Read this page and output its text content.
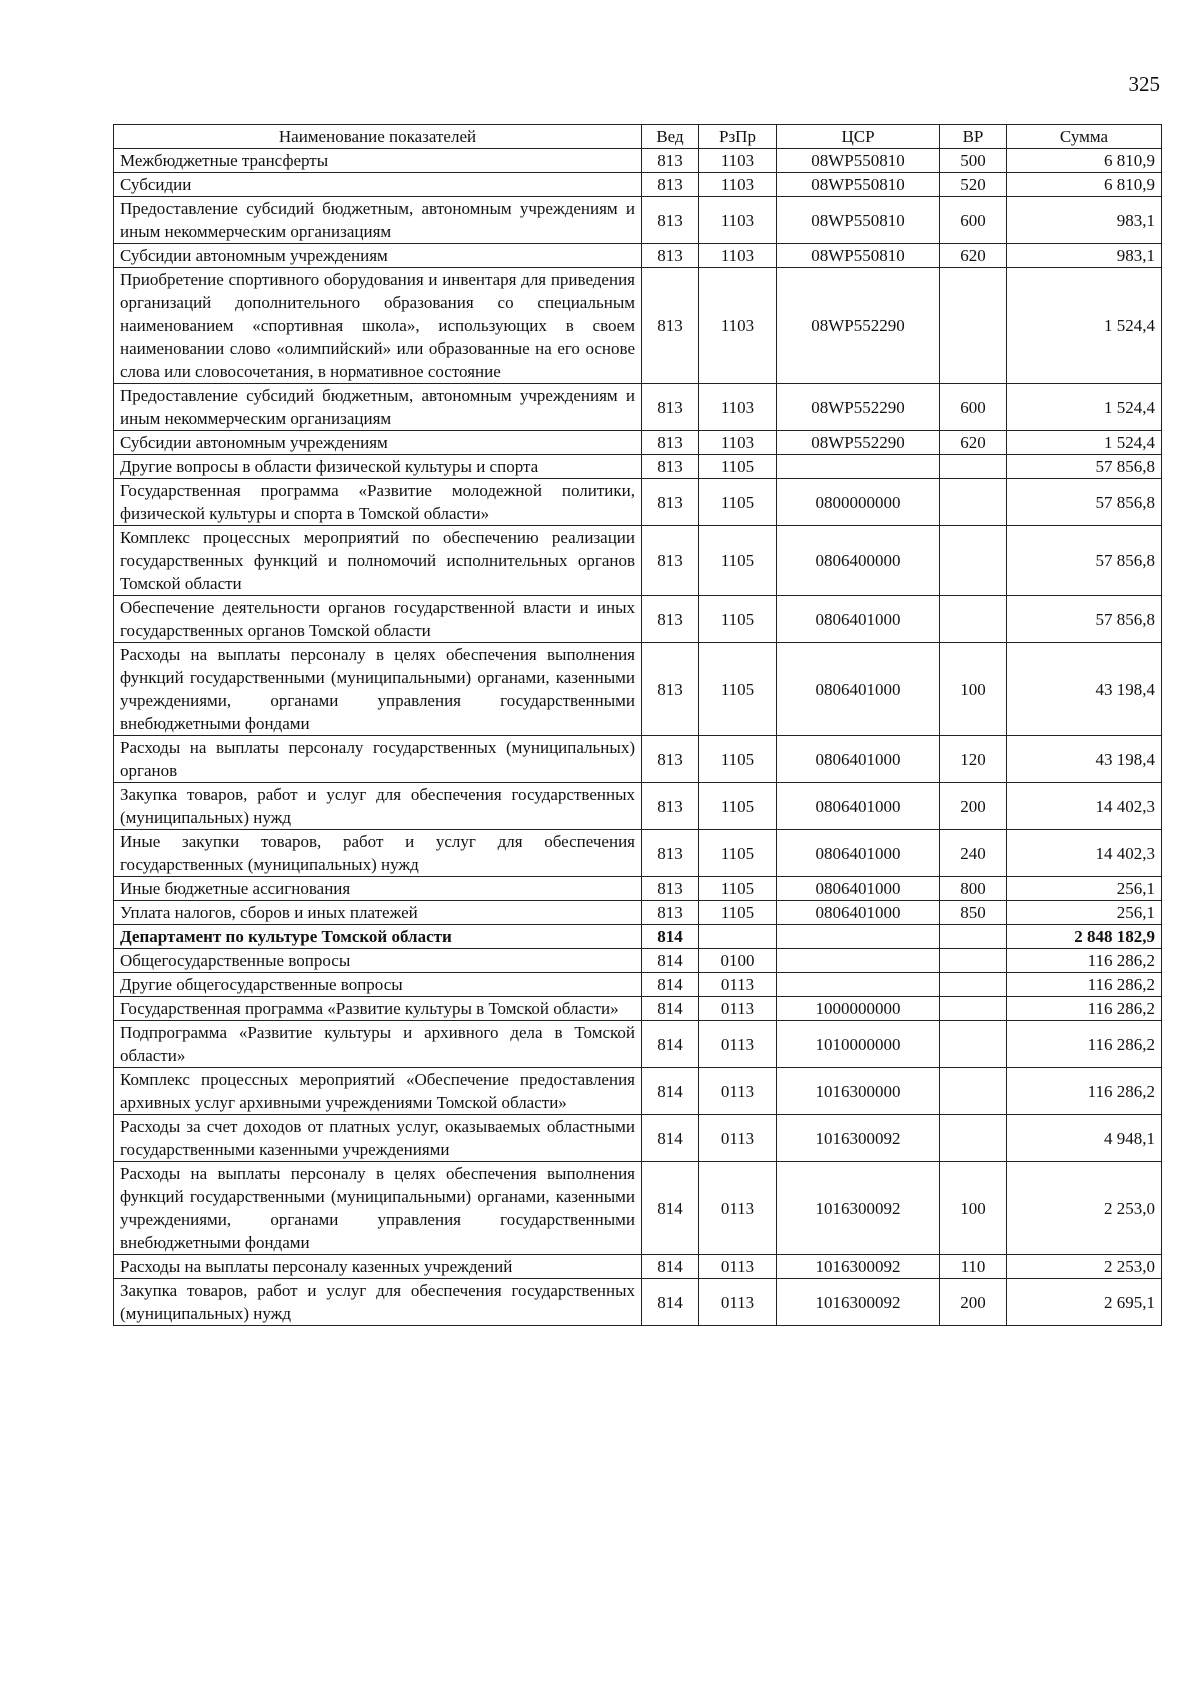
325
Наименование показателей	Вед	РзПр	ЦСР	ВР	Сумма
Межбюджетные трансферты	813	1103	08WP550810	500	6 810,9
Субсидии	813	1103	08WP550810	520	6 810,9
Предоставление субсидий бюджетным, автономным учреждениям и иным некоммерческим организациям	813	1103	08WP550810	600	983,1
Субсидии автономным учреждениям	813	1103	08WP550810	620	983,1
Приобретение спортивного оборудования и инвентаря для приведения организаций дополнительного образования со специальным наименованием «спортивная школа», использующих в своем наименовании слово «олимпийский» или образованные на его основе слова или словосочетания, в нормативное состояние	813	1103	08WP552290		1 524,4
Предоставление субсидий бюджетным, автономным учреждениям и иным некоммерческим организациям	813	1103	08WP552290	600	1 524,4
Субсидии автономным учреждениям	813	1103	08WP552290	620	1 524,4
Другие вопросы в области физической культуры и спорта	813	1105			57 856,8
Государственная программа «Развитие молодежной политики, физической культуры и спорта в Томской области»	813	1105	0800000000		57 856,8
Комплекс процессных мероприятий по обеспечению реализации государственных функций и полномочий исполнительных органов Томской области	813	1105	0806400000		57 856,8
Обеспечение деятельности органов государственной власти и иных государственных органов Томской области	813	1105	0806401000		57 856,8
Расходы на выплаты персоналу в целях обеспечения выполнения функций государственными (муниципальными) органами, казенными учреждениями, органами управления государственными внебюджетными фондами	813	1105	0806401000	100	43 198,4
Расходы на выплаты персоналу государственных (муниципальных) органов	813	1105	0806401000	120	43 198,4
Закупка товаров, работ и услуг для обеспечения государственных (муниципальных) нужд	813	1105	0806401000	200	14 402,3
Иные закупки товаров, работ и услуг для обеспечения государственных (муниципальных) нужд	813	1105	0806401000	240	14 402,3
Иные бюджетные ассигнования	813	1105	0806401000	800	256,1
Уплата налогов, сборов и иных платежей	813	1105	0806401000	850	256,1
Департамент по культуре Томской области	814				2 848 182,9
Общегосударственные вопросы	814	0100			116 286,2
Другие общегосударственные вопросы	814	0113			116 286,2
Государственная программа «Развитие культуры в Томской области»	814	0113	1000000000		116 286,2
Подпрограмма «Развитие культуры и архивного дела в Томской области»	814	0113	1010000000		116 286,2
Комплекс процессных мероприятий «Обеспечение предоставления архивных услуг архивными учреждениями Томской области»	814	0113	1016300000		116 286,2
Расходы за счет доходов от платных услуг, оказываемых областными государственными казенными учреждениями	814	0113	1016300092		4 948,1
Расходы на выплаты персоналу в целях обеспечения выполнения функций государственными (муниципальными) органами, казенными учреждениями, органами управления государственными внебюджетными фондами	814	0113	1016300092	100	2 253,0
Расходы на выплаты персоналу казенных учреждений	814	0113	1016300092	110	2 253,0
Закупка товаров, работ и услуг для обеспечения государственных (муниципальных) нужд	814	0113	1016300092	200	2 695,1
